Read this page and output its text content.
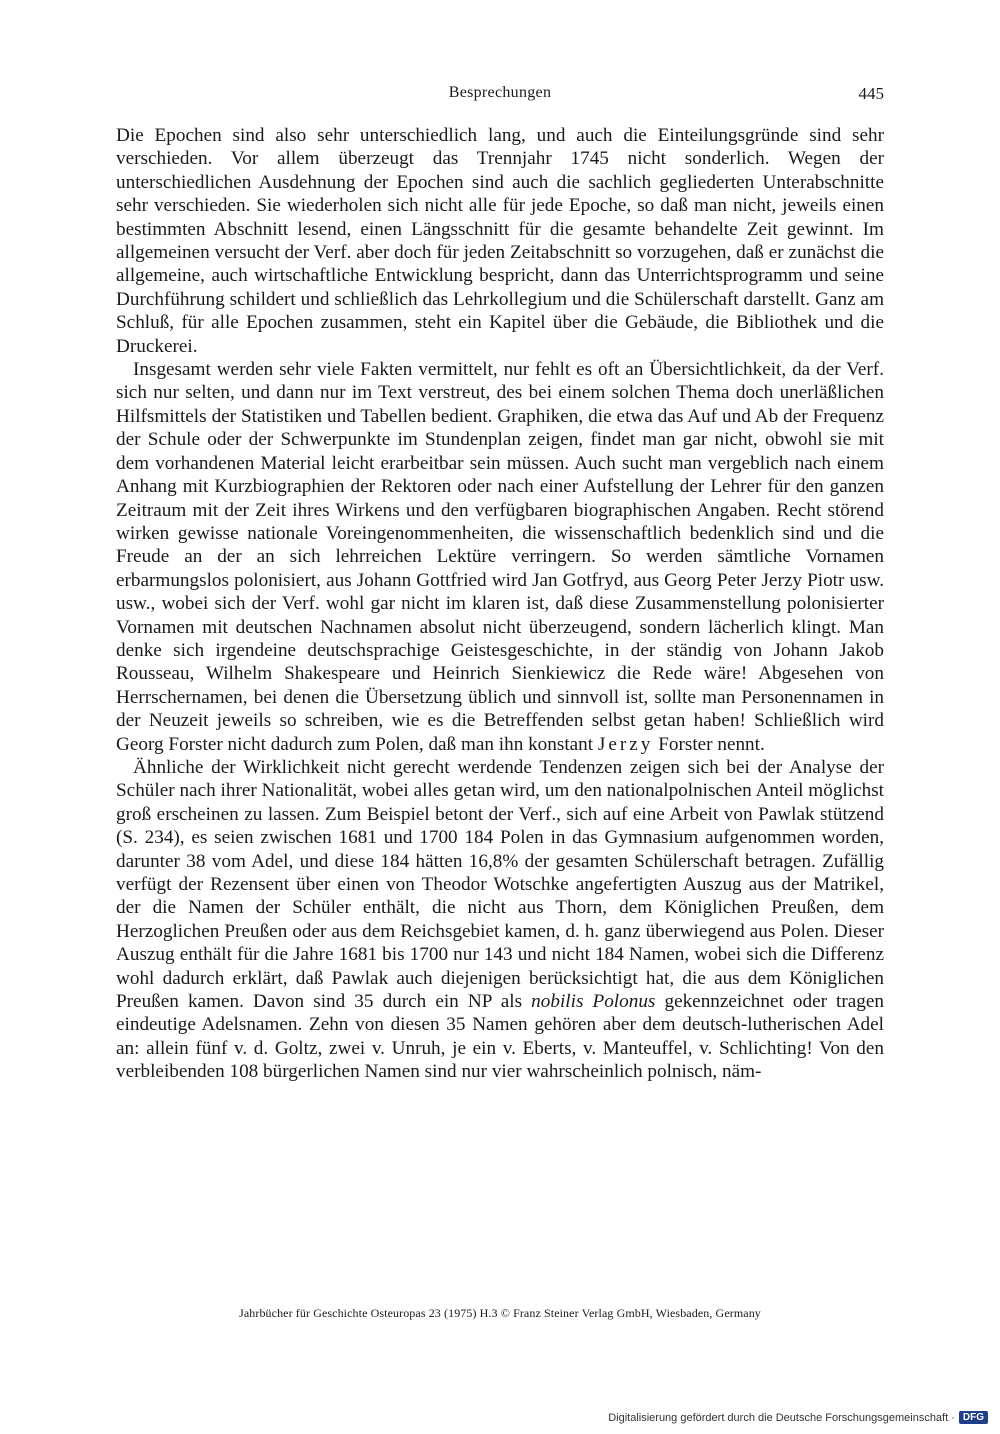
Besprechungen	445

Die Epochen sind also sehr unterschiedlich lang, und auch die Einteilungsgründe sind sehr verschieden. Vor allem überzeugt das Trennjahr 1745 nicht sonderlich. Wegen der unterschiedlichen Ausdehnung der Epochen sind auch die sachlich gegliederten Unterabschnitte sehr verschieden. Sie wiederholen sich nicht alle für jede Epoche, so daß man nicht, jeweils einen bestimmten Abschnitt lesend, einen Längsschnitt für die gesamte behandelte Zeit gewinnt. Im allgemeinen versucht der Verf. aber doch für jeden Zeitabschnitt so vorzugehen, daß er zunächst die allgemeine, auch wirtschaftliche Entwicklung bespricht, dann das Unterrichtsprogramm und seine Durchführung schildert und schließlich das Lehrkollegium und die Schülerschaft darstellt. Ganz am Schluß, für alle Epochen zusammen, steht ein Kapitel über die Gebäude, die Bibliothek und die Druckerei.

Insgesamt werden sehr viele Fakten vermittelt, nur fehlt es oft an Übersichtlichkeit, da der Verf. sich nur selten, und dann nur im Text verstreut, des bei einem solchen Thema doch unerläßlichen Hilfsmittels der Statistiken und Tabellen bedient. Graphiken, die etwa das Auf und Ab der Frequenz der Schule oder der Schwerpunkte im Stundenplan zeigen, findet man gar nicht, obwohl sie mit dem vorhandenen Material leicht erarbeitbar sein müssen. Auch sucht man vergeblich nach einem Anhang mit Kurzbiographien der Rektoren oder nach einer Aufstellung der Lehrer für den ganzen Zeitraum mit der Zeit ihres Wirkens und den verfügbaren biographischen Angaben. Recht störend wirken gewisse nationale Voreingenommenheiten, die wissenschaftlich bedenklich sind und die Freude an der an sich lehrreichen Lektüre verringern. So werden sämtliche Vornamen erbarmungslos polonisiert, aus Johann Gottfried wird Jan Gotfryd, aus Georg Peter Jerzy Piotr usw. usw., wobei sich der Verf. wohl gar nicht im klaren ist, daß diese Zusammenstellung polonisierter Vornamen mit deutschen Nachnamen absolut nicht überzeugend, sondern lächerlich klingt. Man denke sich irgendeine deutschsprachige Geistesgeschichte, in der ständig von Johann Jakob Rousseau, Wilhelm Shakespeare und Heinrich Sienkiewicz die Rede wäre! Abgesehen von Herrschernamen, bei denen die Übersetzung üblich und sinnvoll ist, sollte man Personennamen in der Neuzeit jeweils so schreiben, wie es die Betreffenden selbst getan haben! Schließlich wird Georg Forster nicht dadurch zum Polen, daß man ihn konstant Jerzy Forster nennt.

Ähnliche der Wirklichkeit nicht gerecht werdende Tendenzen zeigen sich bei der Analyse der Schüler nach ihrer Nationalität, wobei alles getan wird, um den nationalpolnischen Anteil möglichst groß erscheinen zu lassen. Zum Beispiel betont der Verf., sich auf eine Arbeit von Pawlak stützend (S. 234), es seien zwischen 1681 und 1700 184 Polen in das Gymnasium aufgenommen worden, darunter 38 vom Adel, und diese 184 hätten 16,8% der gesamten Schülerschaft betragen. Zufällig verfügt der Rezensent über einen von Theodor Wotschke angefertigten Auszug aus der Matrikel, der die Namen der Schüler enthält, die nicht aus Thorn, dem Königlichen Preußen, dem Herzoglichen Preußen oder aus dem Reichsgebiet kamen, d. h. ganz überwiegend aus Polen. Dieser Auszug enthält für die Jahre 1681 bis 1700 nur 143 und nicht 184 Namen, wobei sich die Differenz wohl dadurch erklärt, daß Pawlak auch diejenigen berücksichtigt hat, die aus dem Königlichen Preußen kamen. Davon sind 35 durch ein NP als nobilis Polonus gekennzeichnet oder tragen eindeutige Adelsnamen. Zehn von diesen 35 Namen gehören aber dem deutsch-lutherischen Adel an: allein fünf v. d. Goltz, zwei v. Unruh, je ein v. Eberts, v. Manteuffel, v. Schlichting! Von den verbleibenden 108 bürgerlichen Namen sind nur vier wahrscheinlich polnisch, näm-

Jahrbücher für Geschichte Osteuropas 23 (1975) H.3 © Franz Steiner Verlag GmbH, Wiesbaden, Germany
Digitalisierung gefördert durch die Deutsche Forschungsgemeinschaft · DFG
